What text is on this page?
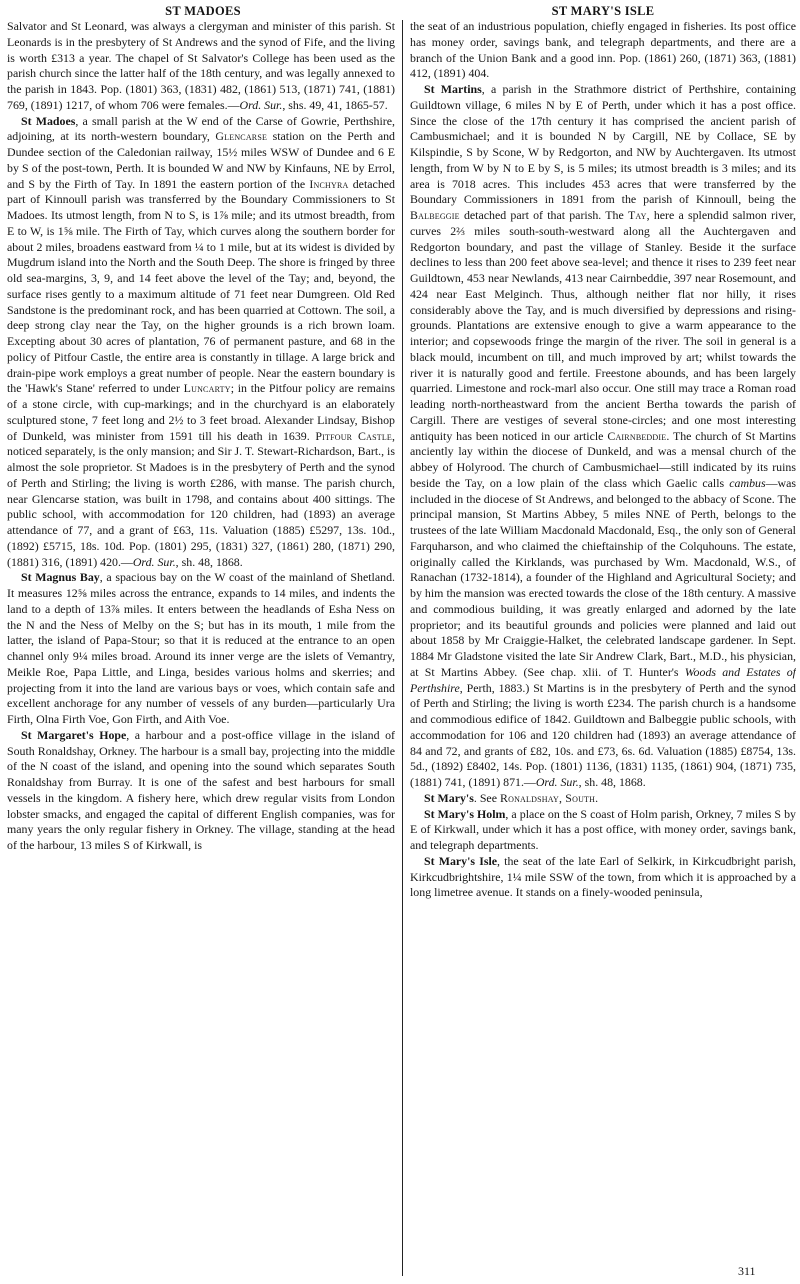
ST MADOES	ST MARY'S ISLE

Salvator and St Leonard, was always a clergyman and minister of this parish. St Leonards is in the presbytery of St Andrews and the synod of Fife, and the living is worth £313 a year. The chapel of St Salvator's College has been used as the parish church since the latter half of the 18th century, and was legally annexed to the parish in 1843. Pop. (1801) 363, (1831) 482, (1861) 513, (1871) 741, (1881) 769, (1891) 1217, of whom 706 were females.—Ord. Sur., shs. 49, 41, 1865-57.

St Madoes, a small parish at the W end of the Carse of Gowrie, Perthshire, adjoining, at its north-western boundary, Glencarse station on the Perth and Dundee section of the Caledonian railway, 15½ miles WSW of Dundee and 6 E by S of the post-town, Perth. It is bounded W and NW by Kinfauns, NE by Errol, and S by the Firth of Tay. In 1891 the eastern portion of the Inchyra detached part of Kinnoull parish was transferred by the Boundary Commissioners to St Madoes. Its utmost length, from N to S, is 1⅞ mile; and its utmost breadth, from E to W, is 1⅝ mile. The Firth of Tay, which curves along the southern border for about 2 miles, broadens eastward from ¼ to 1 mile, but at its widest is divided by Mugdrum island into the North and the South Deep. The shore is fringed by three old sea-margins, 3, 9, and 14 feet above the level of the Tay; and, beyond, the surface rises gently to a maximum altitude of 71 feet near Dumgreen. Old Red Sandstone is the predominant rock, and has been quarried at Cottown. The soil, a deep strong clay near the Tay, on the higher grounds is a rich brown loam. Excepting about 30 acres of plantation, 76 of permanent pasture, and 68 in the policy of Pitfour Castle, the entire area is constantly in tillage. A large brick and drain-pipe work employs a great number of people. Near the eastern boundary is the 'Hawk's Stane' referred to under Luncarty; in the Pitfour policy are remains of a stone circle, with cup-markings; and in the churchyard is an elaborately sculptured stone, 7 feet long and 2½ to 3 feet broad. Alexander Lindsay, Bishop of Dunkeld, was minister from 1591 till his death in 1639. Pitfour Castle, noticed separately, is the only mansion; and Sir J. T. Stewart-Richardson, Bart., is almost the sole proprietor. St Madoes is in the presbytery of Perth and the synod of Perth and Stirling; the living is worth £286, with manse. The parish church, near Glencarse station, was built in 1798, and contains about 400 sittings. The public school, with accommodation for 120 children, had (1893) an average attendance of 77, and a grant of £63, 11s. Valuation (1885) £5297, 13s. 10d., (1892) £5715, 18s. 10d. Pop. (1801) 295, (1831) 327, (1861) 280, (1871) 290, (1881) 316, (1891) 420.—Ord. Sur., sh. 48, 1868.

St Magnus Bay, a spacious bay on the W coast of the mainland of Shetland. It measures 12⅝ miles across the entrance, expands to 14 miles, and indents the land to a depth of 13⅞ miles. It enters between the headlands of Esha Ness on the N and the Ness of Melby on the S; but has in its mouth, 1 mile from the latter, the island of Papa-Stour; so that it is reduced at the entrance to an open channel only 9¼ miles broad. Around its inner verge are the islets of Vemantry, Meikle Roe, Papa Little, and Linga, besides various holms and skerries; and projecting from it into the land are various bays or voes, which contain safe and excellent anchorage for any number of vessels of any burden—particularly Ura Firth, Olna Firth Voe, Gon Firth, and Aith Voe.

St Margaret's Hope, a harbour and a post-office village in the island of South Ronaldshay, Orkney. The harbour is a small bay, projecting into the middle of the N coast of the island, and opening into the sound which separates South Ronaldshay from Burray. It is one of the safest and best harbours for small vessels in the kingdom. A fishery here, which drew regular visits from London lobster smacks, and engaged the capital of different English companies, was for many years the only regular fishery in Orkney. The village, standing at the head of the harbour, 13 miles S of Kirkwall, is

the seat of an industrious population, chiefly engaged in fisheries. Its post office has money order, savings bank, and telegraph departments, and there are a branch of the Union Bank and a good inn. Pop. (1861) 260, (1871) 363, (1881) 412, (1891) 404.

St Martins, a parish in the Strathmore district of Perthshire, containing Guildtown village, 6 miles N by E of Perth, under which it has a post office. Since the close of the 17th century it has comprised the ancient parish of Cambusmichael; and it is bounded N by Cargill, NE by Collace, SE by Kilspindie, S by Scone, W by Redgorton, and NW by Auchtergaven. Its utmost length, from W by N to E by S, is 5 miles; its utmost breadth is 3 miles; and its area is 7018 acres. This includes 453 acres that were transferred by the Boundary Commissioners in 1891 from the parish of Kinnoull, being the Balbeggie detached part of that parish. The Tay, here a splendid salmon river, curves 2⅔ miles south-south-westward along all the Auchtergaven and Redgorton boundary, and past the village of Stanley. Beside it the surface declines to less than 200 feet above sea-level; and thence it rises to 239 feet near Guildtown, 453 near Newlands, 413 near Cairnbeddie, 397 near Rosemount, and 424 near East Melginch. Thus, although neither flat nor hilly, it rises considerably above the Tay, and is much diversified by depressions and rising-grounds. Plantations are extensive enough to give a warm appearance to the interior; and copsewoods fringe the margin of the river. The soil in general is a black mould, incumbent on till, and much improved by art; whilst towards the river it is naturally good and fertile. Freestone abounds, and has been largely quarried. Limestone and rock-marl also occur. One still may trace a Roman road leading north-northeastward from the ancient Bertha towards the parish of Cargill. There are vestiges of several stone-circles; and one most interesting antiquity has been noticed in our article Cairnbeddie. The church of St Martins anciently lay within the diocese of Dunkeld, and was a mensal church of the abbey of Holyrood. The church of Cambusmichael—still indicated by its ruins beside the Tay, on a low plain of the class which Gaelic calls cambus—was included in the diocese of St Andrews, and belonged to the abbacy of Scone. The principal mansion, St Martins Abbey, 5 miles NNE of Perth, belongs to the trustees of the late William Macdonald Macdonald, Esq., the only son of General Farquharson, and who claimed the chieftainship of the Colquhouns. The estate, originally called the Kirklands, was purchased by Wm. Macdonald, W.S., of Ranachan (1732-1814), a founder of the Highland and Agricultural Society; and by him the mansion was erected towards the close of the 18th century. A massive and commodious building, it was greatly enlarged and adorned by the late proprietor; and its beautiful grounds and policies were planned and laid out about 1858 by Mr Craiggie-Halket, the celebrated landscape gardener. In Sept. 1884 Mr Gladstone visited the late Sir Andrew Clark, Bart., M.D., his physician, at St Martins Abbey. (See chap. xlii. of T. Hunter's Woods and Estates of Perthshire, Perth, 1883.) St Martins is in the presbytery of Perth and the synod of Perth and Stirling; the living is worth £234. The parish church is a handsome and commodious edifice of 1842. Guildtown and Balbeggie public schools, with accommodation for 106 and 120 children had (1893) an average attendance of 84 and 72, and grants of £82, 10s. and £73, 6s. 6d. Valuation (1885) £8754, 13s. 5d., (1892) £8402, 14s. Pop. (1801) 1136, (1831) 1135, (1861) 904, (1871) 735, (1881) 741, (1891) 871.—Ord. Sur., sh. 48, 1868.

St Mary's. See Ronaldshay, South.

St Mary's Holm, a place on the S coast of Holm parish, Orkney, 7 miles S by E of Kirkwall, under which it has a post office, with money order, savings bank, and telegraph departments.

St Mary's Isle, the seat of the late Earl of Selkirk, in Kirkcudbright parish, Kirkcudbrightshire, 1¼ mile SSW of the town, from which it is approached by a long limetree avenue. It stands on a finely-wooded peninsula,

311
